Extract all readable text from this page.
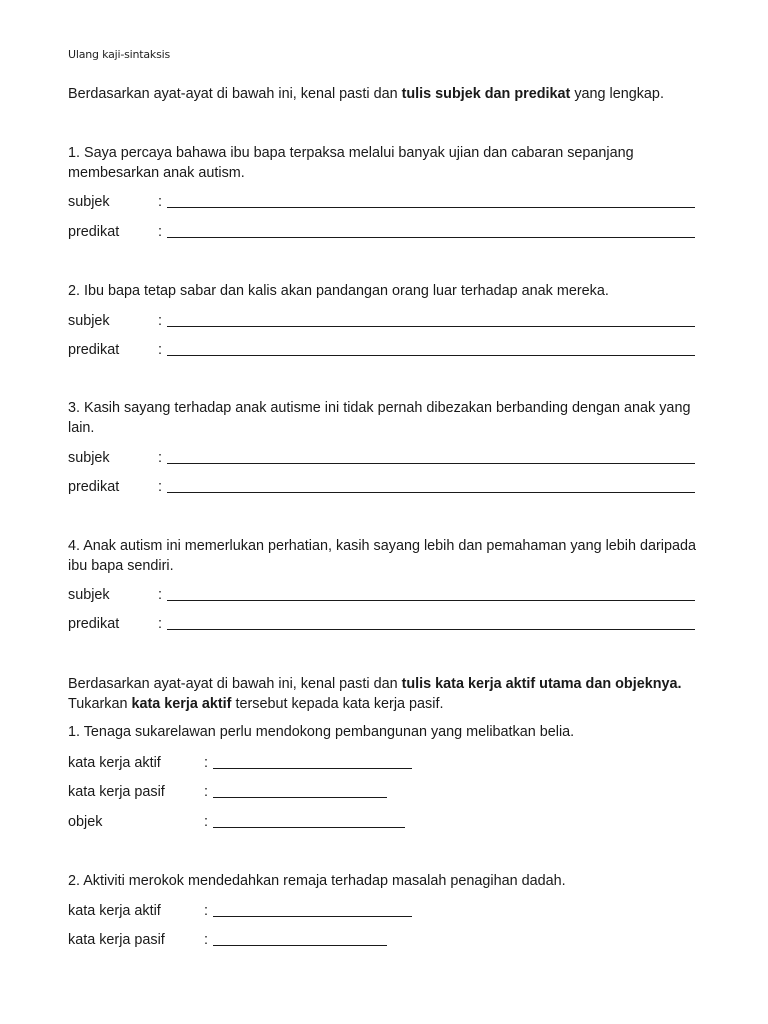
Ulang kaji-sintaksis
Berdasarkan ayat-ayat di bawah ini, kenal pasti dan tulis subjek dan predikat yang lengkap.
1. Saya percaya bahawa ibu bapa terpaksa melalui banyak ujian dan cabaran sepanjang membesarkan anak autism.
subjek	:
predikat	:
2. Ibu bapa tetap sabar dan kalis akan pandangan orang luar terhadap anak mereka.
subjek	:
predikat	:
3. Kasih sayang terhadap anak autisme ini tidak pernah dibezakan berbanding dengan anak yang lain.
subjek	:
predikat	:
4. Anak autism ini memerlukan perhatian, kasih sayang lebih dan pemahaman yang lebih daripada ibu bapa sendiri.
subjek	:
predikat	:
Berdasarkan ayat-ayat di bawah ini, kenal pasti dan tulis kata kerja aktif utama dan objeknya. Tukarkan kata kerja aktif tersebut kepada kata kerja pasif.
1. Tenaga sukarelawan perlu mendokong pembangunan yang melibatkan belia.
kata kerja aktif	:
kata kerja pasif	:
objek	:
2. Aktiviti merokok mendedahkan remaja terhadap masalah penagihan dadah.
kata kerja aktif	:
kata kerja pasif	:
